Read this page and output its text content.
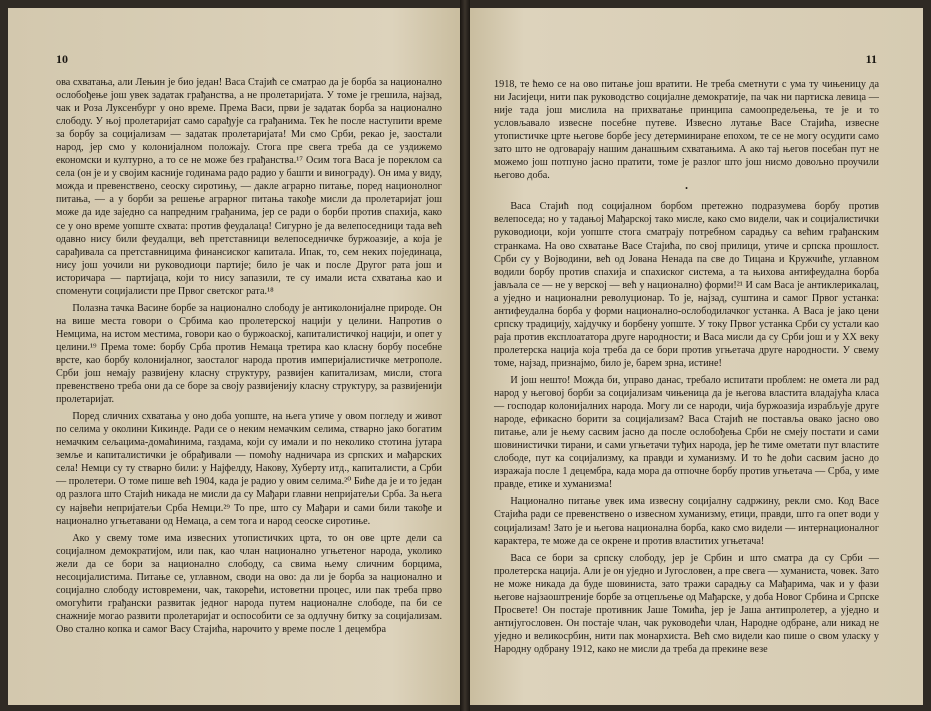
10

ова схватања, али Лењин је био један! Васа Стајић се сматрао да је борба за национално ослобођење још увек задатак грађанства, а не пролетаријата. У томе је грешила, најзад, чак и Роза Луксенбург у оно време. Према Васи, први је задатак борба за национално слободу. У њој пролетаријат само сарађује са грађанима. Тек he после наступити време за борбу за социјализам — задатак пролетаријата! Ми смо Срби, рекао је, заостали народ, јер смо у колонијалном положају. Стога пре свега треба да се уздижемо економски и културно, а то се не може без грађанства.¹⁷ Осим тога Васа је пореклом са села (он је и у својим касније годинама радо радио у башти и винограду). Он има у виду, можда и превенствено, сеоску сиротињу, — дакле аграрно питање, поред национолног питања, — а у борби за решење аграрног питања такође мисли да пролетаријат још може да иде заједно са напредним грађанима, јер се ради о борби против спахија, како се у оно време уопште схвата: против феудалаца! Сигурно је да велепоседници тада већ одавно нису били феудалци, већ претставници велепоседничке буржоазије, а која је сарађивала са претставницима финансиског капитала. Ипак, то, сем неких појединаца, нису још уочили ни руководиоци партије; било је чак и после Другог рата још и историчара — партијаца, који то нису запазили, те су имали иста схватања као и споменути социјалисти пре Првог светског рата.¹⁸

Полазна тачка Васине борбе за национално слободу је антиколонијалне природе. Он на више места говори о Србима као пролетерској нацији у целини. Напротив о Немцима, на истом местима, говори као о буржоаској, капиталистичкој нацији, и опет у целини.¹⁹ Према томе: борбу Срба против Немаца третира као класну борбу посебне врсте, као борбу колонијалног, заосталог народа против империјалистичке метрополе. Срби још немају развијену класну структуру, развијен капитализам, мисли, стога превенствено треба они да се боре за своју развијенију класну структуру, за развијенији пролетаријат.

Поред сличних схватања у оно доба уопште, на њега утиче у овом погледу и живот по селима у околини Кикинде. Ради се о неким немачким селима, стварно јако богатим немачким сељацима-домаћинима, газдама, који су имали и по неколико стотина јутара земље и капиталистички је обрађивали — помоћу надничара из српских и мађарских села! Немци су ту стварно били: у Најфелду, Накову, Хуберту итд., капиталисти, а Срби — пролетери. О томе пише већ 1904, када је радио у овим селима.²⁰ Биће да је и то један од разлога што Стајић никада не мисли да су Мађари главни непријатељи Срба. За њега су највећи непријатељи Срба Немци.²⁹ То пре, што су Мађари и сами били такође и национално угњетавани од Немаца, а сем тога и народ сеоске сиротиње.

Ако у свему томе има извесних утопистичких црта, то он ове црте дели са социјалном демократијом, или пак, као члан национално угњетеног народа, уколико жели да се бори за национално слободу, са свима њему сличним борцима, несоцијалистима. Питање се, углавном, своди на ово: да ли је борба за национално и социјално слободу истовремени, чак, такорећи, истоветни процес, или пак треба прво омогућити грађански развитак једног народа путем националне слободе, па би се снажније могао развити пролетаријат и оспособити се за одлучну битку за социјализам. Ово стално копка и самог Васу Стајића, нарочито у време после 1 децембра

11

1918, те ћемо се на ово питање још вратити. Не треба сметнути с ума ту чињеницу да ни Јасијеци, нити пак руководство социјалне демократије, па чак ни партиска левица — није тада још мислила на прихватање принципа самоопредељења, те је и то условљавало извесне посебне путеве. Извесно лутање Васе Стајића, извесне утопистичке црте његове борбе јесу детерминиране епохом, те се не могу осудити само зато што не одговарају нашим данашњим схватањима. А ако тај његов посебан пут не можемо још потпуно јасно пратити, томе је разлог што још нисмо довољно проучили његово доба.

•

Васа Стајић под социјалном борбом претежно подразумева борбу против велепоседа; но у тадањој Мађарској тако мисле, како смо видели, чак и социјалистички руководиоци, који уопште стога сматрају потребном сарадњу са већим грађанским странкама. На ово схватање Васе Стајића, по свој прилици, утиче и српска прошлост. Срби су у Војводини, већ од Јована Ненада па све до Тицана и Кружчиће, углавном водили борбу против спахија и спахиског система, а та њихова антифеудална борба јављала се — не у верској — већ у национално) форми!²¹ И сам Васа је антиклерикалац, а уједно и национални револуционар. То је, најзад, суштина и самог Првог устанка: антифеудална борба у форми национално-ослободилачког устанка. А Васа је јако цени српску традицију, хајдучку и борбену уопште. У току Првог устанка Срби су устали као раја против експлоататора друге народности; и Васа мисли да су Срби још и у XX веку пролетерска нација која треба да се бори против угњетача друге народности. У свему томе, најзад, признајмо, било је, барем зрна, истине!

И још нешто! Можда би, управо данас, требало испитати проблем: не омета ли рад народ у његовој борби за социјализам чињеница да је његова властита владајућа класа — господар колонијалних народа. Могу ли се народи, чија буржоазија израбљује друге народе, ефикасно борити за социјализам? Васа Стајић не поставља овако јасно ово питање, али је њему сасвим јасно да после ослобођења Срби не смеју постати и сами шовинистички тирани, и сами угњетачи туђих народа, јер ће тиме ометати пут властите слободе, пут ка социјализму, ка правди и хуманизму. И то ће доћи сасвим јасно до изражаја после 1 децембра, када мора да отпочне борбу против угњетача — Срба, у име правде, етике и хуманизма!

Национално питање увек има извесну социјалну садржину, рекли смо. Код Васе Стајића ради се превенствено о извесном хуманизму, етици, правди, што га опет води у социјализам! Зато је и његова национална борба, како смо видели — интернационалног карактера, те може да се окрене и против властитих угњетача!

Васа се бори за српску слободу, јер је Србин и што сматра да су Срби — пролетерска нација. Али је он уједно и Југословен, а пре свега — хуманиста, човек. Зато не може никада да буде шовиниста, зато тражи сарадњу са Мађарима, чак и у фази његове најзаоштреније борбе за отцепљење од Мађарске, у доба Новог Србина и Српске Просвете! Он постаје противник Јаше Томића, јер је Јаша антипролетер, а уједно и антијугословен. Он постаје члан, чак руководећи члан, Народне одбране, али никад не уједно и великосрбин, нити пак монархиста. Већ смо видели као пише о свом уласку у Народну одбрану 1912, како не мисли да треба да прекине везе
